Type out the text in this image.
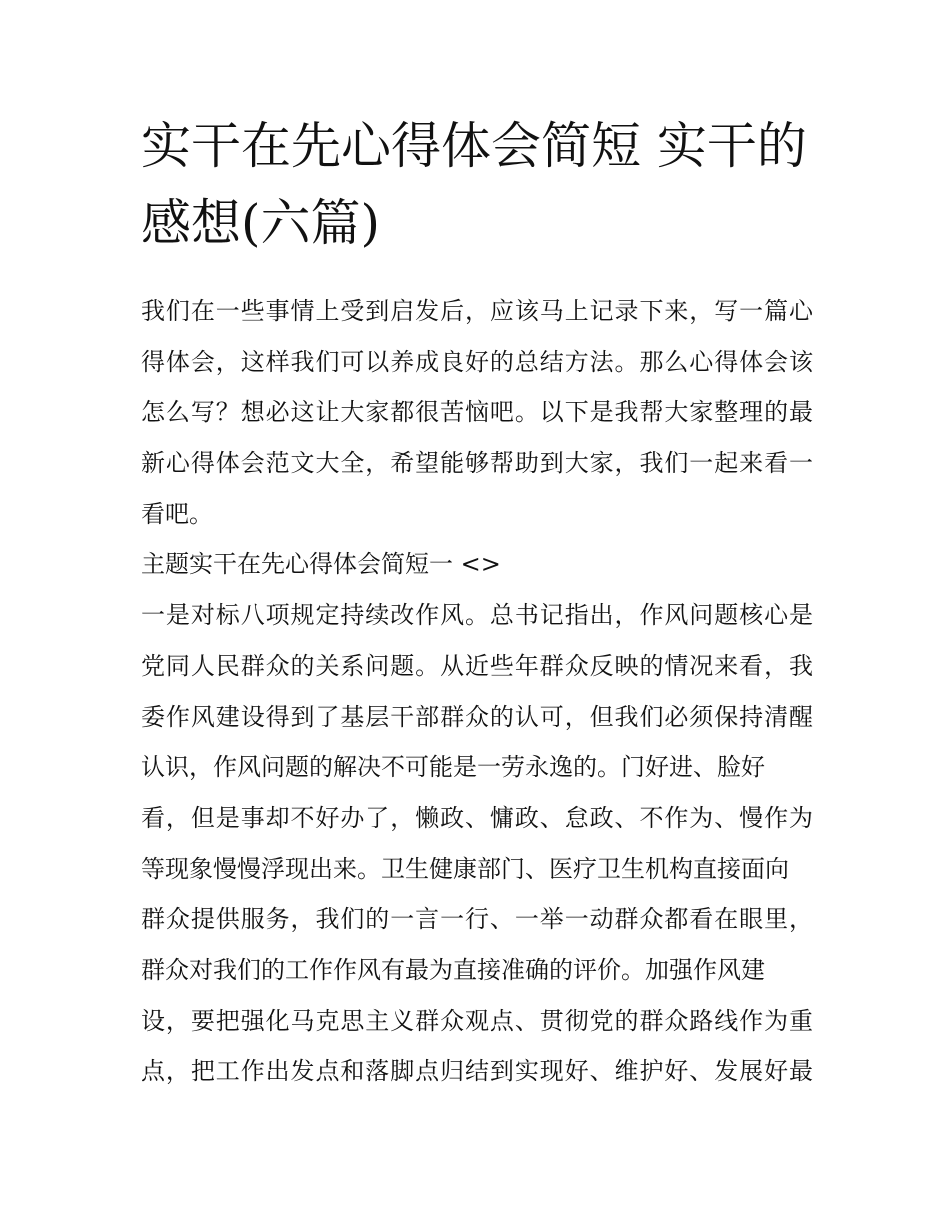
实干在先心得体会简短 实干的
感想(六篇)
我们在一些事情上受到启发后，应该马上记录下来，写一篇心
得体会，这样我们可以养成良好的总结方法。那么心得体会该
怎么写？想必这让大家都很苦恼吧。以下是我帮大家整理的最
新心得体会范文大全，希望能够帮助到大家，我们一起来看一
看吧。
主题实干在先心得体会简短一 <>
一是对标八项规定持续改作风。总书记指出，作风问题核心是
党同人民群众的关系问题。从近些年群众反映的情况来看，我
委作风建设得到了基层干部群众的认可，但我们必须保持清醒
认识，作风问题的解决不可能是一劳永逸的。门好进、脸好
看，但是事却不好办了，懒政、慵政、怠政、不作为、慢作为
等现象慢慢浮现出来。卫生健康部门、医疗卫生机构直接面向
群众提供服务，我们的一言一行、一举一动群众都看在眼里，
群众对我们的工作作风有最为直接准确的评价。加强作风建
设，要把强化马克思主义群众观点、贯彻党的群众路线作为重
点，把工作出发点和落脚点归结到实现好、维护好、发展好最
